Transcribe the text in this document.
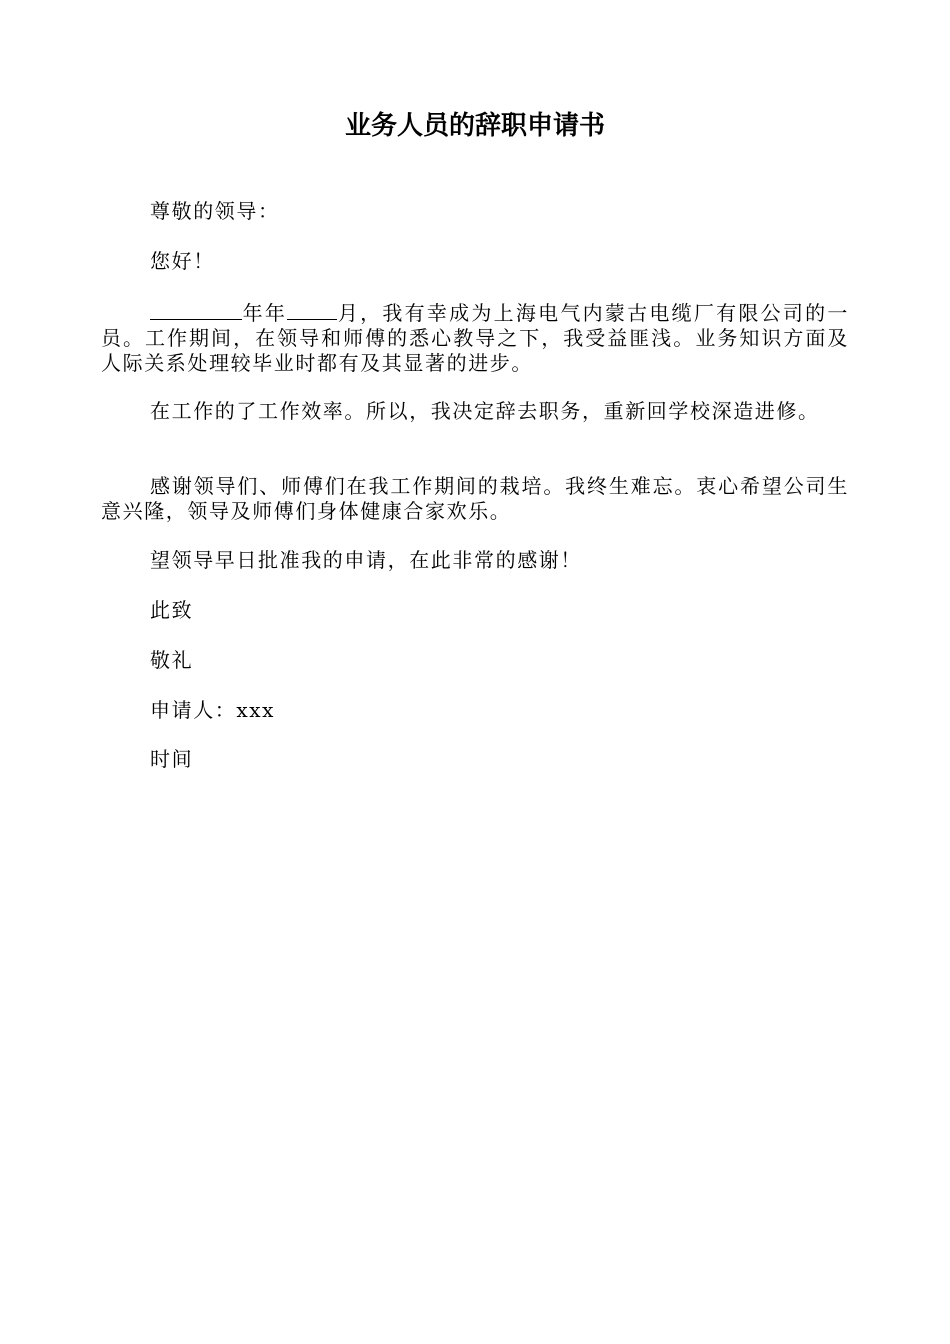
业务人员的辞职申请书

尊敬的领导：

您好！

年年	月，我有幸成为上海电气内蒙古电缆厂有限公司的一员。工作期间，在领导和师傅的悉心教导之下，我受益匪浅。业务知识方面及人际关系处理较毕业时都有及其显著的进步。

在工作的了工作效率。所以，我决定辞去职务，重新回学校深造进修。

感谢领导们、师傅们在我工作期间的栽培。我终生难忘。衷心希望公司生意兴隆，领导及师傅们身体健康合家欢乐。

望领导早日批准我的申请，在此非常的感谢！

此致

敬礼

申请人：xxx

时间
